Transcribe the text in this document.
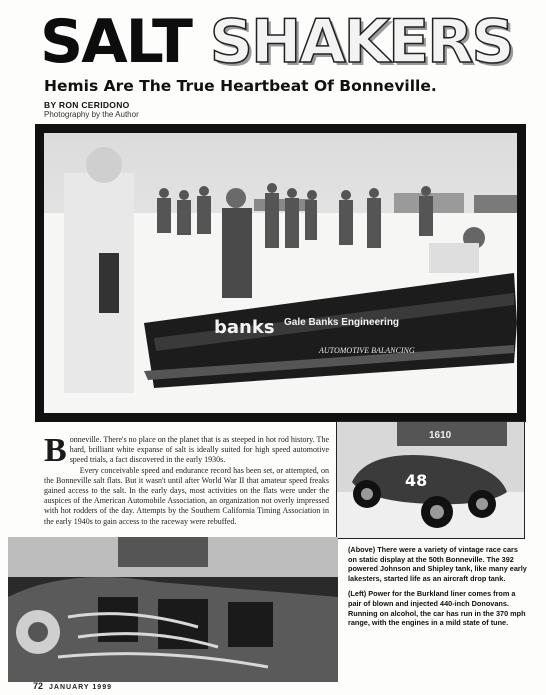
SALT SHAKERS
Hemis Are The True Heartbeat Of Bonneville.
BY RON CERIDONO
Photography by the Author
banks Gale Banks Engineering
AUTOMOTIVE BALANCING

Bonneville. There's no place on the planet that is as steeped in hot rod history. The hard, brilliant white expanse of salt is ideally suited for high speed automotive speed trials, a fact discovered in the early 1930s.

Every conceivable speed and endurance record has been set, or attempted, on the Bonneville salt flats. But it wasn't until after World War II that amateur speed freaks gained access to the salt. In the early days, most activities on the flats were under the auspices of the American Automobile Association, an organization not overly impressed with hot rodders of the day. Attempts by the Southern California Timing Association in the early 1940s to gain access to the raceway were rebuffed.

1610
48

(Above) There were a variety of vintage race cars on static display at the 50th Bonneville. The 392 powered Johnson and Shipley tank, like many early lakesters, started life as an aircraft drop tank.

(Left) Power for the Burkland liner comes from a pair of blown and injected 440-inch Donovans. Running on alcohol, the car has run in the 370 mph range, with the engines in a mild state of tune.

72 JANUARY 1999
